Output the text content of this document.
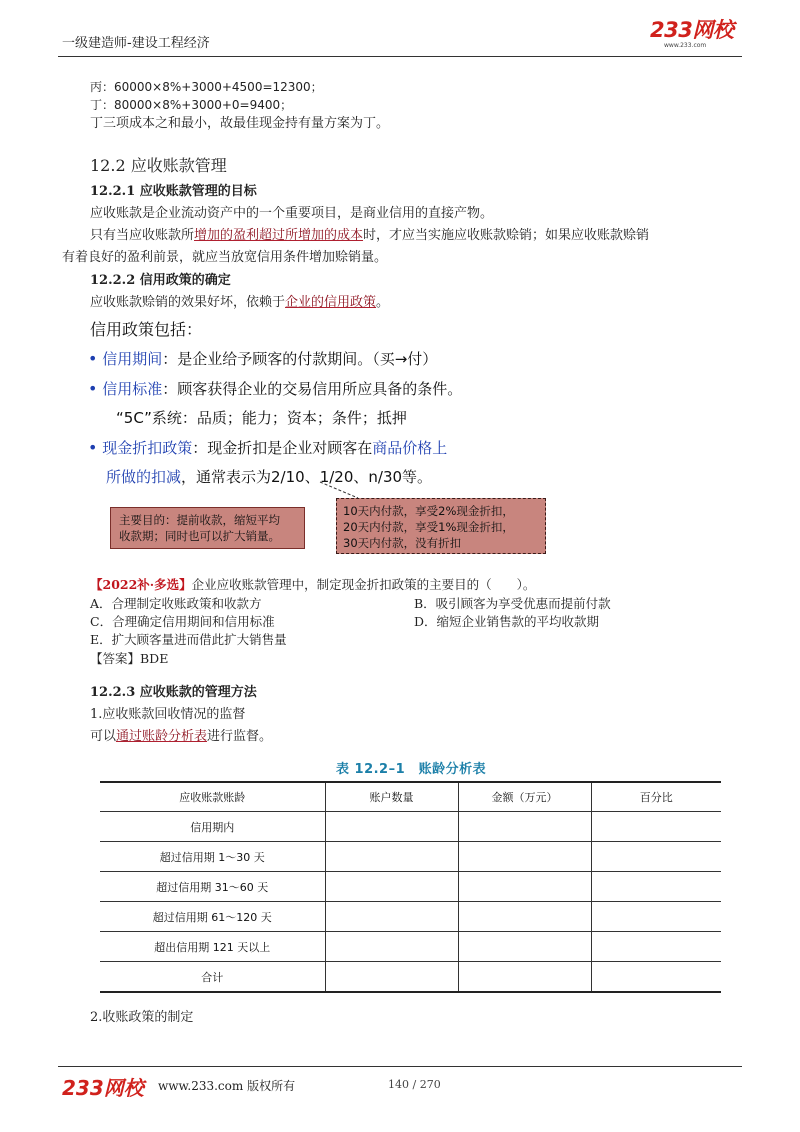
一级建造师-建设工程经济
233网校
www.233.com
丙：60000×8%+3000+4500=12300；
丁：80000×8%+3000+0=9400；
丁三项成本之和最小，故最佳现金持有量方案为丁。
12.2 应收账款管理
12.2.1 应收账款管理的目标
应收账款是企业流动资产中的一个重要项目，是商业信用的直接产物。
只有当应收账款所增加的盈利超过所增加的成本时，才应当实施应收账款赊销；如果应收账款赊销
有着良好的盈利前景，就应当放宽信用条件增加赊销量。
12.2.2 信用政策的确定
应收账款赊销的效果好坏，依赖于企业的信用政策。
信用政策包括：
• 信用期间：是企业给予顾客的付款期间。（买→付）
• 信用标准：顾客获得企业的交易信用所应具备的条件。
“5C”系统：品质；能力；资本；条件；抵押
• 现金折扣政策：现金折扣是企业对顾客在商品价格上
所做的扣减，通常表示为2/10、1/20、n/30等。
主要目的：提前收款，缩短平均
收款期；同时也可以扩大销量。
10天内付款，享受2%现金折扣，
20天内付款，享受1%现金折扣，
30天内付款，没有折扣
【2022补·多选】企业应收账款管理中，制定现金折扣政策的主要目的（　　）。
A．合理制定收账政策和收款方	B．吸引顾客为享受优惠而提前付款
C．合理确定信用期间和信用标准	D．缩短企业销售款的平均收款期
E．扩大顾客量进而借此扩大销售量
【答案】BDE
12.2.3 应收账款的管理方法
1.应收账款回收情况的监督
可以通过账龄分析表进行监督。
表 12.2–1　账龄分析表
应收账款账龄	账户数量	金额（万元）	百分比
信用期内			
超过信用期 1～30 天			
超过信用期 31～60 天			
超过信用期 61～120 天			
超出信用期 121 天以上			
合计			
2.收账政策的制定
233网校 www.233.com 版权所有	140 / 270
